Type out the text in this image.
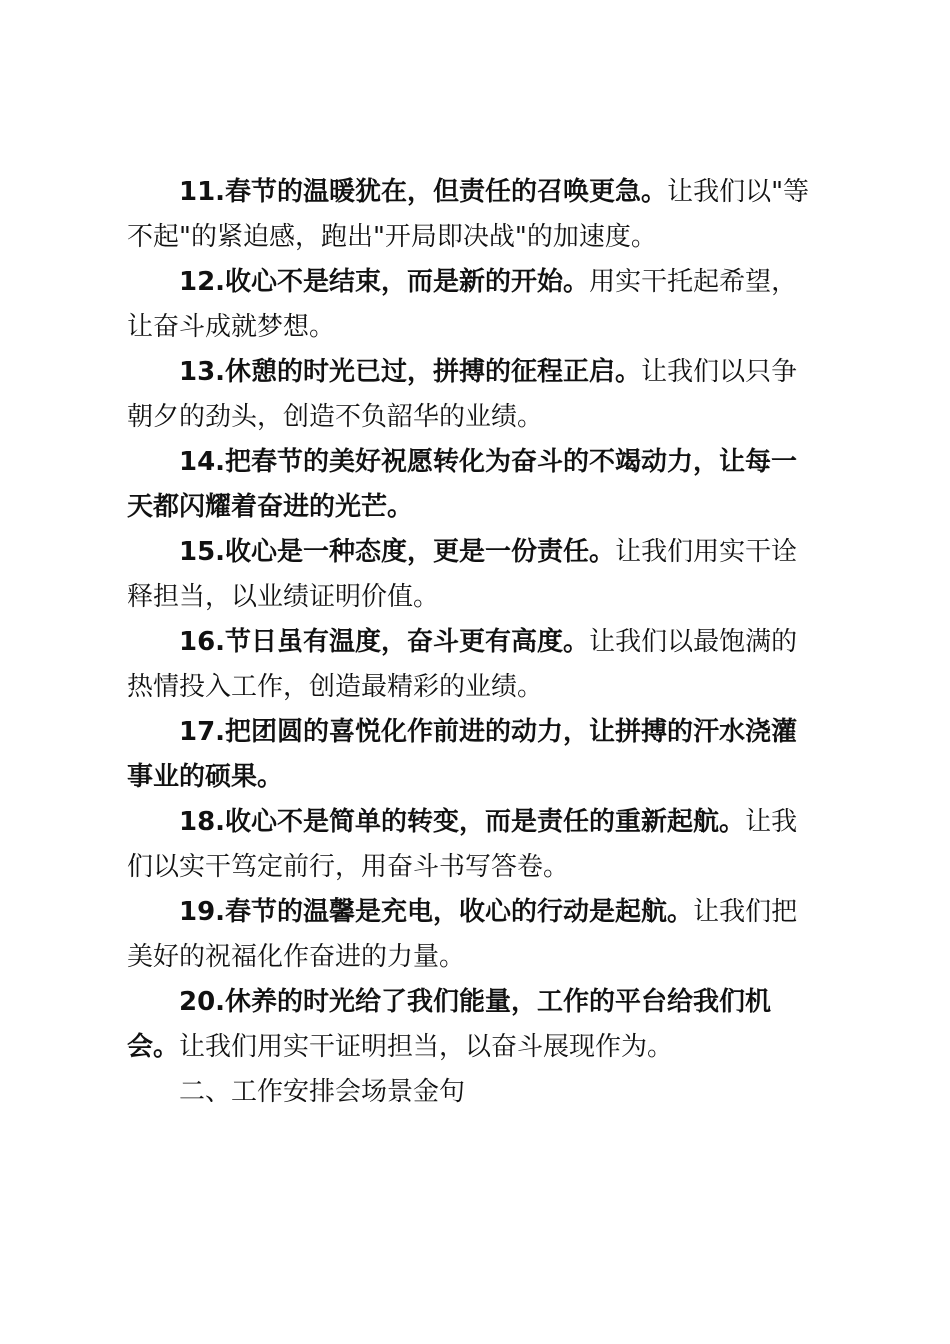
11.春节的温暖犹在，但责任的召唤更急。让我们以"等不起"的紧迫感，跑出"开局即决战"的加速度。

12.收心不是结束，而是新的开始。用实干托起希望，让奋斗成就梦想。

13.休憩的时光已过，拼搏的征程正启。让我们以只争朝夕的劲头，创造不负韶华的业绩。

14.把春节的美好祝愿转化为奋斗的不竭动力，让每一天都闪耀着奋进的光芒。

15.收心是一种态度，更是一份责任。让我们用实干诠释担当，以业绩证明价值。

16.节日虽有温度，奋斗更有高度。让我们以最饱满的热情投入工作，创造最精彩的业绩。

17.把团圆的喜悦化作前进的动力，让拼搏的汗水浇灌事业的硕果。

18.收心不是简单的转变，而是责任的重新起航。让我们以实干笃定前行，用奋斗书写答卷。

19.春节的温馨是充电，收心的行动是起航。让我们把美好的祝福化作奋进的力量。

20.休养的时光给了我们能量，工作的平台给我们机会。让我们用实干证明担当，以奋斗展现作为。

二、工作安排会场景金句
